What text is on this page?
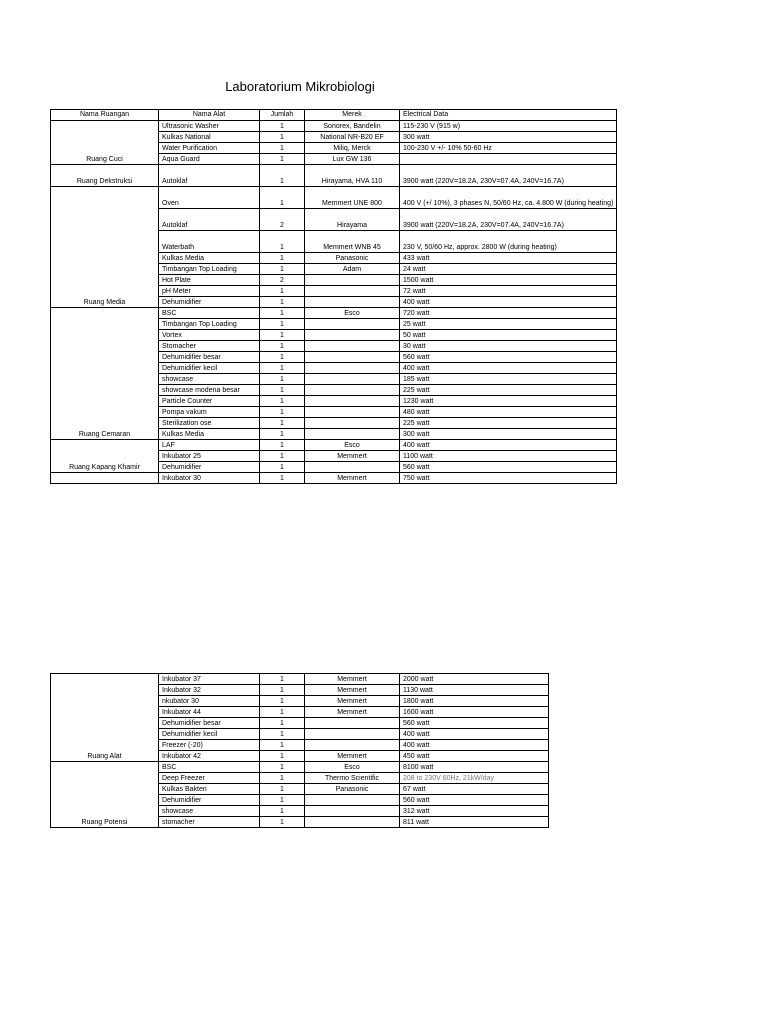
Laboratorium Mikrobiologi
Nama Ruangan	Nama Alat	Jumlah	Merek	Electrical Data
Ruang Cuci	Ultrasonic Washer	1	Sonorex, Bandelin	115-230 V (915 w)
	Kulkas National	1	National NR-B20 EF	300 watt
	Water Purification	1	Miliq, Merck	100-230 V +/- 10% 50-60 Hz
	Aqua Guard	1	Lux GW 136	
Ruang Dekstruksi	Autoklaf	1	Hirayama, HVA 110	3900 watt (220V=18.2A, 230V=07.4A, 240V=16.7A)
Ruang Media	Oven	1	Memmert UNE 800	400 V (+/ 10%), 3 phases N, 50/60 Hz, ca. 4.800 W (during heating)
	Autoklaf	2	Hirayama	3900 watt (220V=18.2A, 230V=07.4A, 240V=16.7A)
	Waterbath	1	Memmert WNB 45	230 V, 50/60 Hz, approx. 2800 W (during heating)
	Kulkas Media	1	Panasonic	433 watt
	Timbangan Top Loading	1	Adam	24 watt
	Hot Plate	2		1500 watt
	pH Meter	1		72 watt
	Dehumidifier	1		400 watt
Ruang Cemaran	BSC	1	Esco	720 watt
	Timbangan Top Loading	1		25 watt
	Vortex	1		50 watt
	Stomacher	1		30 watt
	Dehumidifier besar	1		560 watt
	Dehumidifier kecil	1		400 watt
	showcase	1		185 watt
	showcase modena besar	1		225 watt
	Particle Counter	1		1230 watt
	Pompa vakum	1		480 watt
	Sterilization ose	1		225 watt
	Kulkas Media	1		300 watt
Ruang Kapang Khamir	LAF	1	Esco	400 watt
	Inkubator 25	1	Memmert	1100 watt
	Dehumidifier	1		560 watt
	Inkubator 30	1	Memmert	750 watt
Ruang Alat	Inkubator 37	1	Memmert	2000 watt
	Inkubator 32	1	Memmert	1130 watt
	nkubator 30	1	Memmert	1800 watt
	Inkubator 44	1	Memmert	1600 watt
	Dehumidifier besar	1		560 watt
	Dehumidifier kecil	1		400 watt
	Freezer (-20)	1		400 watt
	Inkubator 42	1	Memmert	450 watt
Ruang Potensi	BSC	1	Esco	8100 watt
	Deep Freezer	1	Thermo Scientific	208 to 230V 60Hz, 21kW/day
	Kulkas Bakteri	1	Panasonic	67 watt
	Dehumidifier	1		560 watt
	showcase	1		312 watt
	stomacher	1		811 watt
